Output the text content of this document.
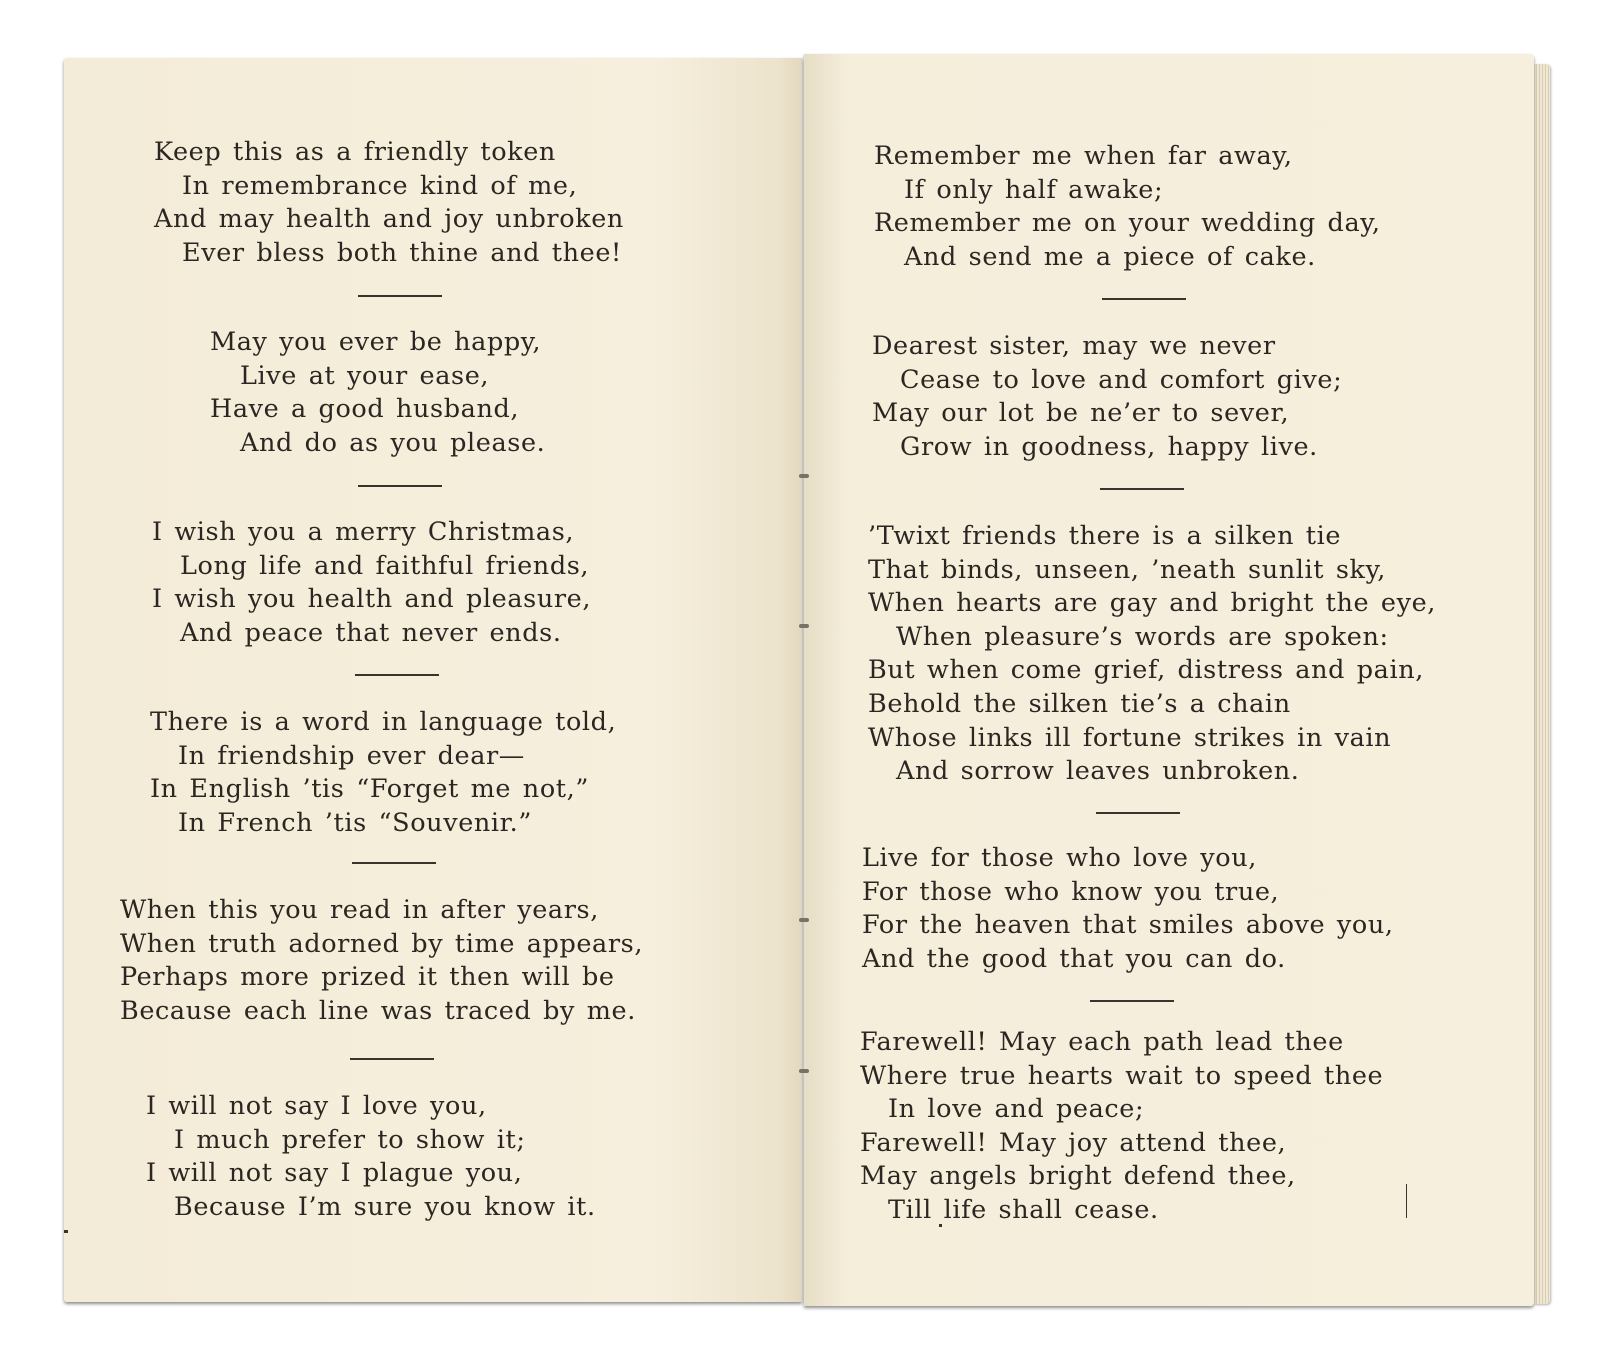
Keep this as a friendly token
In remembrance kind of me,
And may health and joy unbroken
Ever bless both thine and thee!
May you ever be happy,
Live at your ease,
Have a good husband,
And do as you please.
I wish you a merry Christmas,
Long life and faithful friends,
I wish you health and pleasure,
And peace that never ends.
There is a word in language told,
In friendship ever dear—
In English ’tis “Forget me not,”
In French ’tis “Souvenir.”
When this you read in after years,
When truth adorned by time appears,
Perhaps more prized it then will be
Because each line was traced by me.
I will not say I love you,
I much prefer to show it;
I will not say I plague you,
Because I’m sure you know it.
Remember me when far away,
If only half awake;
Remember me on your wedding day,
And send me a piece of cake.
Dearest sister, may we never
Cease to love and comfort give;
May our lot be ne’er to sever,
Grow in goodness, happy live.
’Twixt friends there is a silken tie
That binds, unseen, ’neath sunlit sky,
When hearts are gay and bright the eye,
When pleasure’s words are spoken:
But when come grief, distress and pain,
Behold the silken tie’s a chain
Whose links ill fortune strikes in vain
And sorrow leaves unbroken.
Live for those who love you,
For those who know you true,
For the heaven that smiles above you,
And the good that you can do.
Farewell! May each path lead thee
Where true hearts wait to speed thee
In love and peace;
Farewell! May joy attend thee,
May angels bright defend thee,
Till life shall cease.
